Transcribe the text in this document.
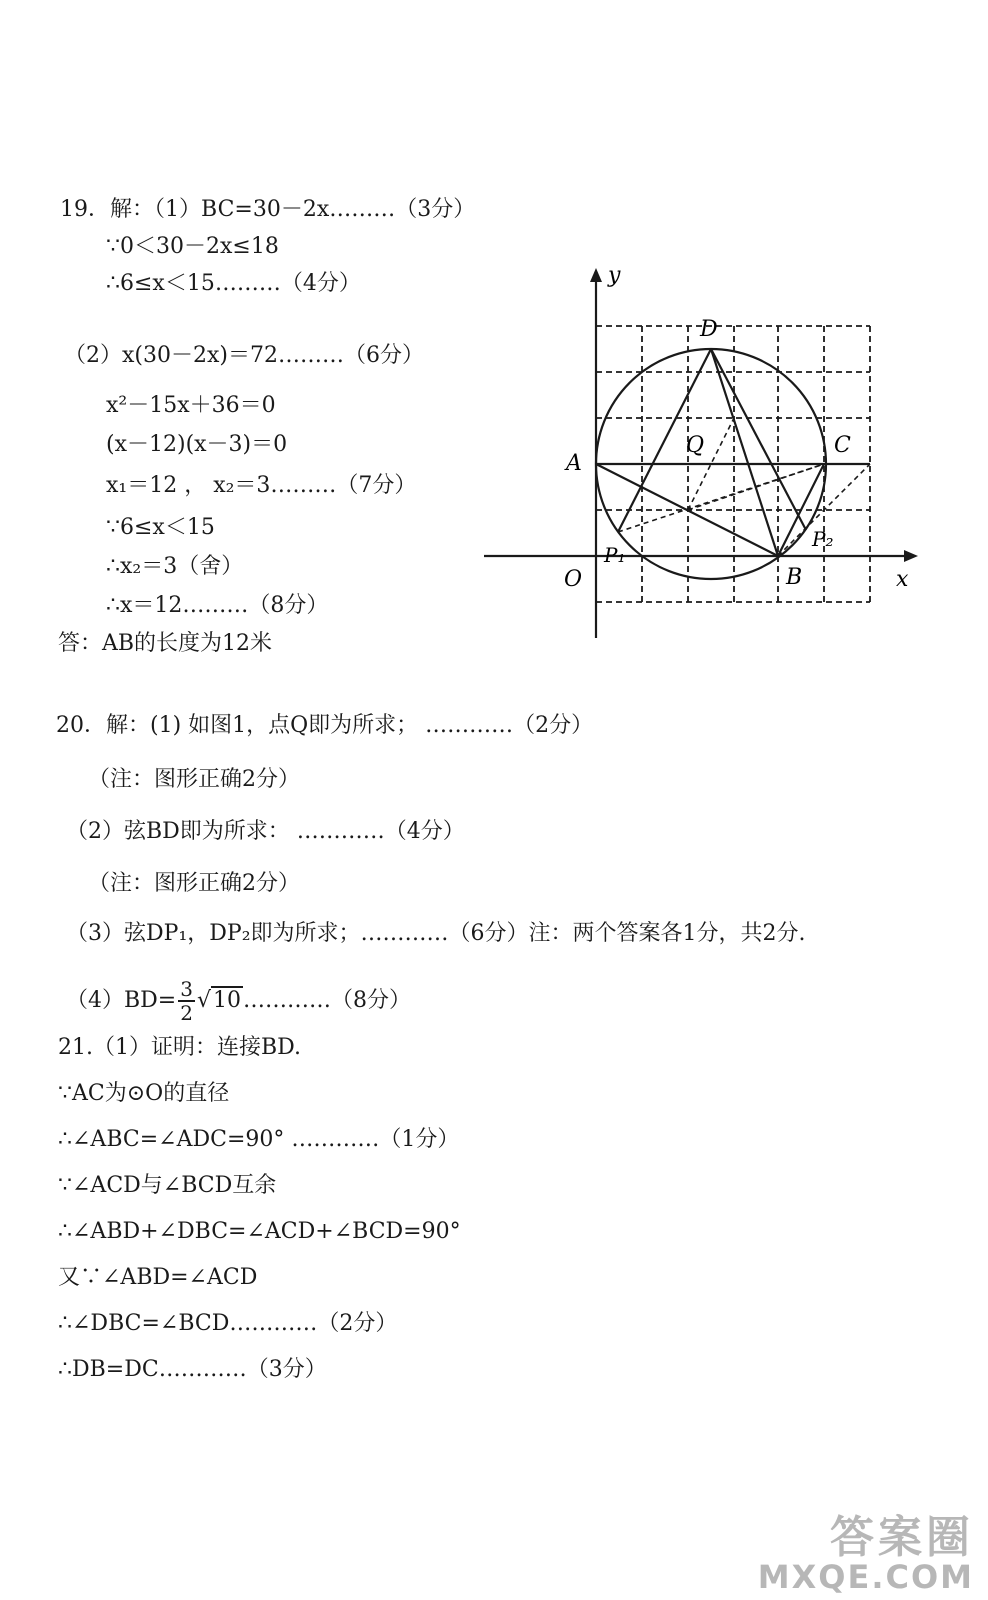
19．解：（1）BC=30－2x………（3分）
∵0＜30－2x≤18
∴6≤x＜15………（4分）
（2）x(30－2x)＝72………（6分）
x²－15x＋36＝0
(x－12)(x－3)＝0
x₁＝12 ， x₂＝3………（7分）
∵6≤x＜15
∴x₂＝3（舍）
∴x＝12………（8分）
答：AB的长度为12米
y
x
O
A
B
C
D
Q
P₁
P₂
20．解：(1) 如图1，点Q即为所求； …………（2分）
（注：图形正确2分）
（2）弦BD即为所求： …………（4分）
（注：图形正确2分）
（3）弦DP₁，DP₂即为所求；…………（6分）注：两个答案各1分，共2分.
$(4)BD= \frac{3}{2}$ √10…………（8分）
21.（1）证明：连接BD.
∵AC为⊙O的直径
∴∠ABC=∠ADC=90° …………（1分）
∵∠ACD与∠BCD互余
∴∠ABD+∠DBC=∠ACD+∠BCD=90°
又∵∠ABD=∠ACD
∴∠DBC=∠BCD…………（2分）
∴DB=DC…………（3分）
答案圈
MXQE.COM
